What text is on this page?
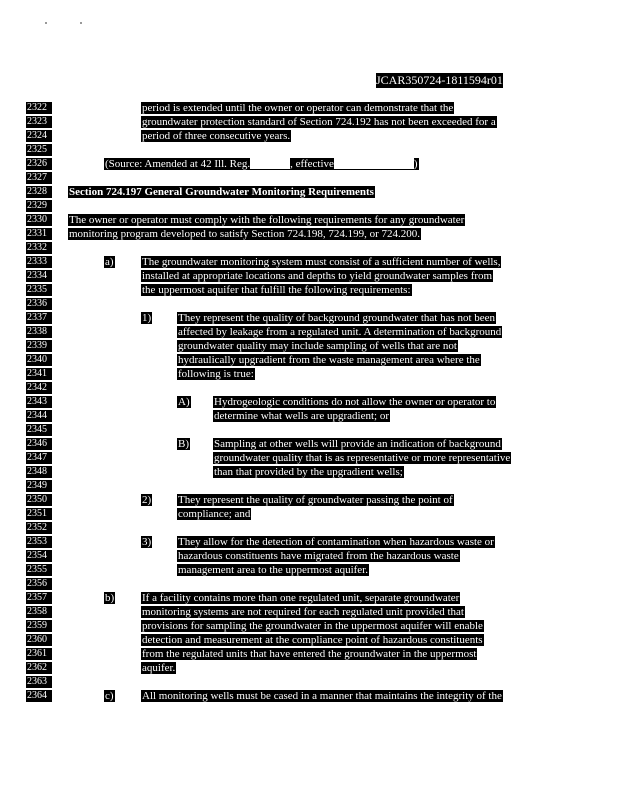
JCAR350724-1811594r01
2322	period is extended until the owner or operator can demonstrate that the
2323	groundwater protection standard of Section 724.192 has not been exceeded for a
2324	period of three consecutive years.
2325
2326	(Source: Amended at 42 Ill. Reg.	, effective	)
2327
2328	Section 724.197 General Groundwater Monitoring Requirements
2329
2330	The owner or operator must comply with the following requirements for any groundwater
2331	monitoring program developed to satisfy Section 724.198, 724.199, or 724.200.
2332
2333	a)	The groundwater monitoring system must consist of a sufficient number of wells,
2334	installed at appropriate locations and depths to yield groundwater samples from
2335	the uppermost aquifer that fulfill the following requirements:
2336
2337	1) They represent the quality of background groundwater that has not been
2338	affected by leakage from a regulated unit. A determination of background
2339	groundwater quality may include sampling of wells that are not
2340	hydraulically upgradient from the waste management area where the
2341	following is true:
2342
2343	A) Hydrogeologic conditions do not allow the owner or operator to
2344	determine what wells are upgradient; or
2345
2346	B) Sampling at other wells will provide an indication of background
2347	groundwater quality that is as representative or more representative
2348	than that provided by the upgradient wells;
2349
2350	2) They represent the quality of groundwater passing the point of
2351	compliance; and
2352
2353	3) They allow for the detection of contamination when hazardous waste or
2354	hazardous constituents have migrated from the hazardous waste
2355	management area to the uppermost aquifer.
2356
2357	b)	If a facility contains more than one regulated unit, separate groundwater
2358	monitoring systems are not required for each regulated unit provided that
2359	provisions for sampling the groundwater in the uppermost aquifer will enable
2360	detection and measurement at the compliance point of hazardous constituents
2361	from the regulated units that have entered the groundwater in the uppermost
2362	aquifer.
2363
2364	c)	All monitoring wells must be cased in a manner that maintains the integrity of the
